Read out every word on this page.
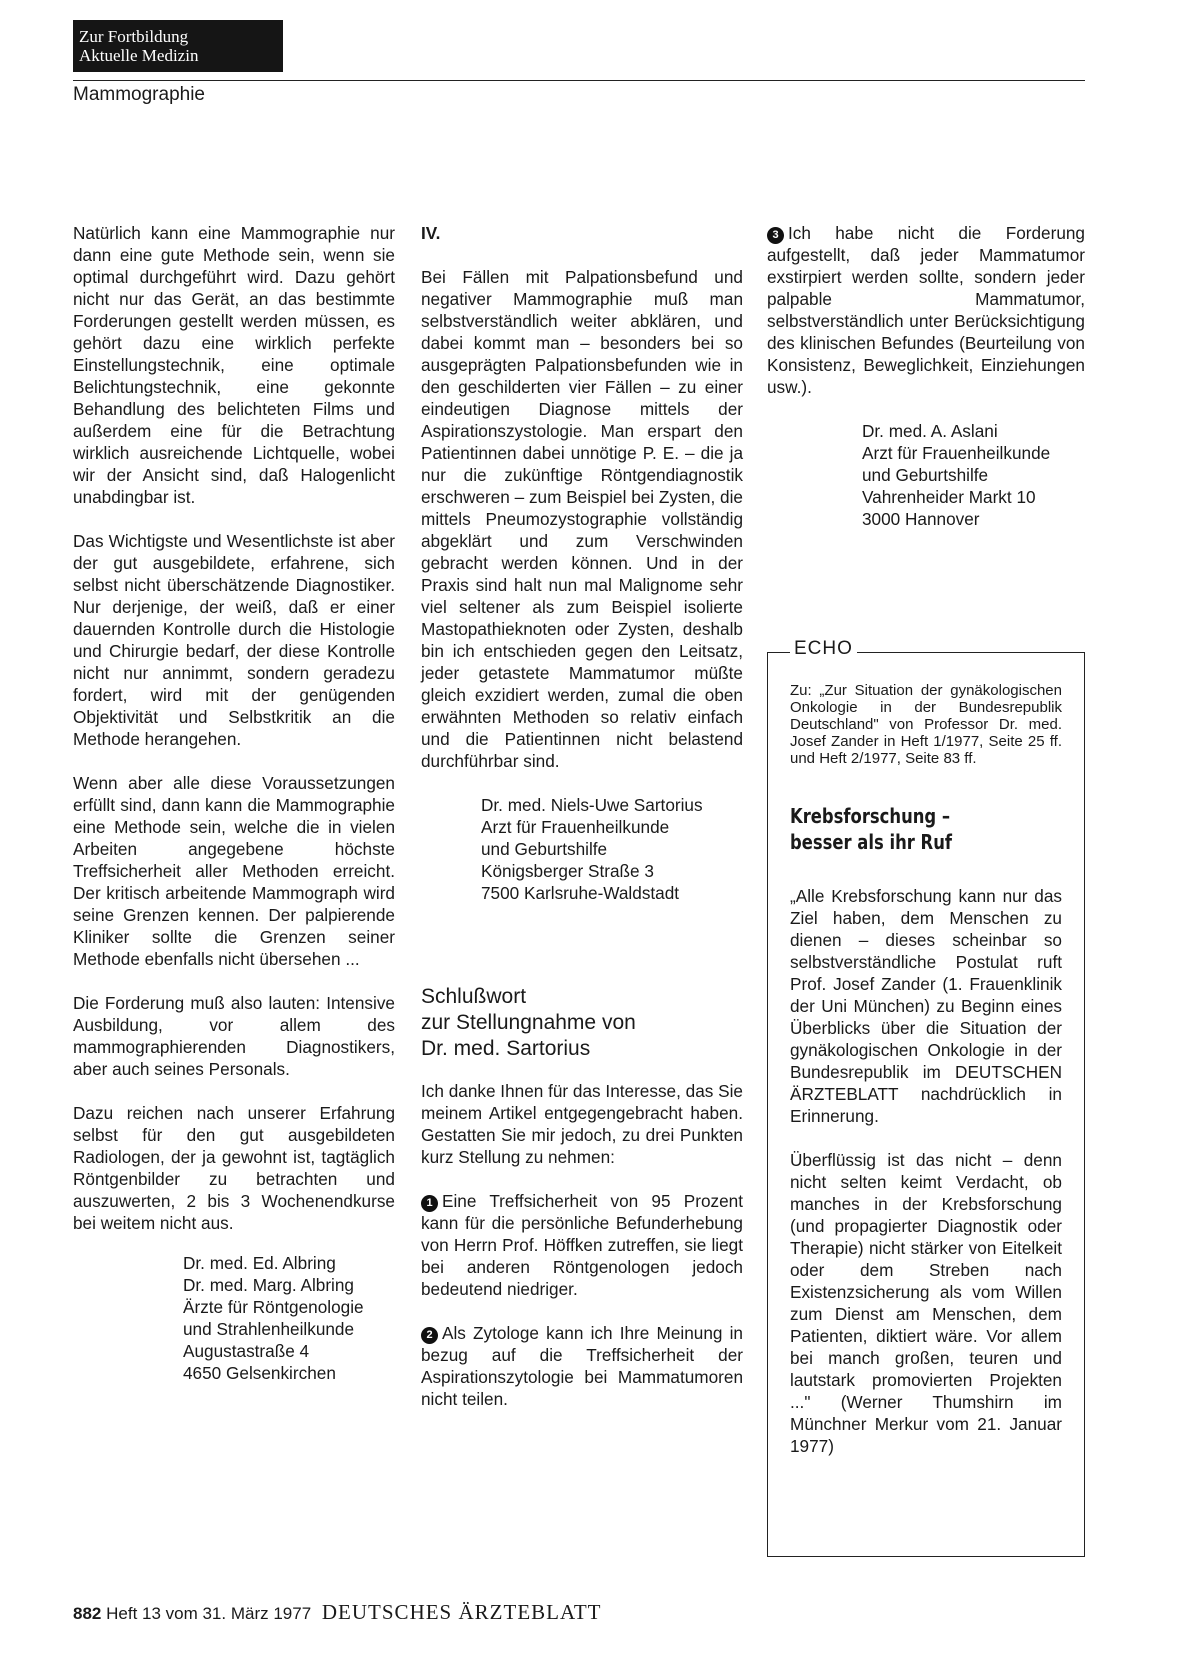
Zur Fortbildung
Aktuelle Medizin
Mammographie

Natürlich kann eine Mammographie nur dann eine gute Methode sein, wenn sie optimal durchgeführt wird. Dazu gehört nicht nur das Gerät, an das bestimmte Forderungen gestellt werden müssen, es gehört dazu eine wirklich perfekte Einstellungstechnik, eine optimale Belichtungstechnik, eine gekonnte Behandlung des belichteten Films und außerdem eine für die Betrachtung wirklich ausreichende Lichtquelle, wobei wir der Ansicht sind, daß Halogenlicht unabdingbar ist.

Das Wichtigste und Wesentlichste ist aber der gut ausgebildete, erfahrene, sich selbst nicht überschätzende Diagnostiker. Nur derjenige, der weiß, daß er einer dauernden Kontrolle durch die Histologie und Chirurgie bedarf, der diese Kontrolle nicht nur annimmt, sondern geradezu fordert, wird mit der genügenden Objektivität und Selbstkritik an die Methode herangehen.

Wenn aber alle diese Voraussetzungen erfüllt sind, dann kann die Mammographie eine Methode sein, welche die in vielen Arbeiten angegebene höchste Treffsicherheit aller Methoden erreicht. Der kritisch arbeitende Mammograph wird seine Grenzen kennen. Der palpierende Kliniker sollte die Grenzen seiner Methode ebenfalls nicht übersehen ...

Die Forderung muß also lauten: Intensive Ausbildung, vor allem des mammographierenden Diagnostikers, aber auch seines Personals.

Dazu reichen nach unserer Erfahrung selbst für den gut ausgebildeten Radiologen, der ja gewohnt ist, tagtäglich Röntgenbilder zu betrachten und auszuwerten, 2 bis 3 Wochenendkurse bei weitem nicht aus.

Dr. med. Ed. Albring
Dr. med. Marg. Albring
Ärzte für Röntgenologie
und Strahlenheilkunde
Augustastraße 4
4650 Gelsenkirchen
IV.

Bei Fällen mit Palpationsbefund und negativer Mammographie muß man selbstverständlich weiter abklären, und dabei kommt man – besonders bei so ausgeprägten Palpationsbefunden wie in den geschilderten vier Fällen – zu einer eindeutigen Diagnose mittels der Aspirationszystologie. Man erspart den Patientinnen dabei unnötige P. E. – die ja nur die zukünftige Röntgendiagnostik erschweren – zum Beispiel bei Zysten, die mittels Pneumozystographie vollständig abgeklärt und zum Verschwinden gebracht werden können. Und in der Praxis sind halt nun mal Malignome sehr viel seltener als zum Beispiel isolierte Mastopathieknoten oder Zysten, deshalb bin ich entschieden gegen den Leitsatz, jeder getastete Mammatumor müßte gleich exzidiert werden, zumal die oben erwähnten Methoden so relativ einfach und die Patientinnen nicht belastend durchführbar sind.

Dr. med. Niels-Uwe Sartorius
Arzt für Frauenheilkunde
und Geburtshilfe
Königsberger Straße 3
7500 Karlsruhe-Waldstadt
Schlußwort
zur Stellungnahme von
Dr. med. Sartorius

Ich danke Ihnen für das Interesse, das Sie meinem Artikel entgegengebracht haben. Gestatten Sie mir jedoch, zu drei Punkten kurz Stellung zu nehmen:

1 Eine Treffsicherheit von 95 Prozent kann für die persönliche Befunderhebung von Herrn Prof. Höffken zutreffen, sie liegt bei anderen Röntgenologen jedoch bedeutend niedriger.

2 Als Zytologe kann ich Ihre Meinung in bezug auf die Treffsicherheit der Aspirationszytologie bei Mammatumoren nicht teilen.

3 Ich habe nicht die Forderung aufgestellt, daß jeder Mammatumor exstirpiert werden sollte, sondern jeder palpable Mammatumor, selbstverständlich unter Berücksichtigung des klinischen Befundes (Beurteilung von Konsistenz, Beweglichkeit, Einziehungen usw.).

Dr. med. A. Aslani
Arzt für Frauenheilkunde
und Geburtshilfe
Vahrenheider Markt 10
3000 Hannover
ECHO

Zu: „Zur Situation der gynäkologischen Onkologie in der Bundesrepublik Deutschland" von Professor Dr. med. Josef Zander in Heft 1/1977, Seite 25 ff. und Heft 2/1977, Seite 83 ff.

Krebsforschung –
besser als ihr Ruf

„Alle Krebsforschung kann nur das Ziel haben, dem Menschen zu dienen – dieses scheinbar so selbstverständliche Postulat ruft Prof. Josef Zander (1. Frauenklinik der Uni München) zu Beginn eines Überblicks über die Situation der gynäkologischen Onkologie in der Bundesrepublik im DEUTSCHEN ÄRZTEBLATT nachdrücklich in Erinnerung.

Überflüssig ist das nicht – denn nicht selten keimt Verdacht, ob manches in der Krebsforschung (und propagierter Diagnostik oder Therapie) nicht stärker von Eitelkeit oder dem Streben nach Existenzsicherung als vom Willen zum Dienst am Menschen, dem Patienten, diktiert wäre. Vor allem bei manch großen, teuren und lautstark promovierten Projekten ..." (Werner Thumshirn im Münchner Merkur vom 21. Januar 1977)

882 Heft 13 vom 31. März 1977 DEUTSCHES ÄRZTEBLATT
